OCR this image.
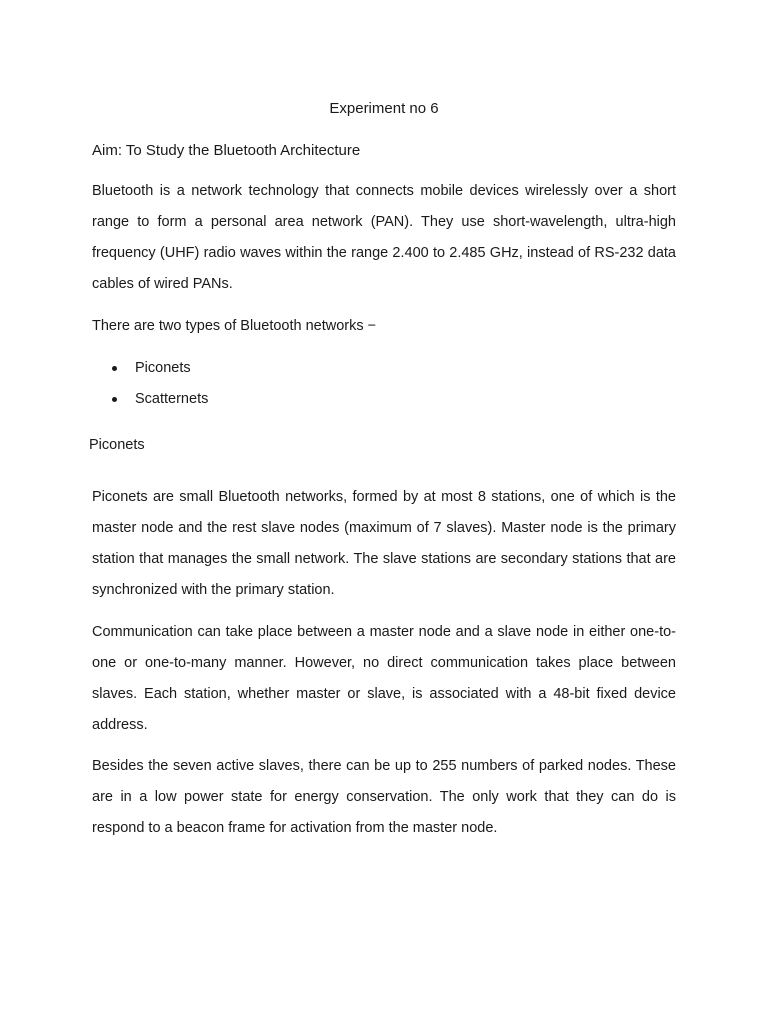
Experiment no 6
Aim: To Study the Bluetooth Architecture

Bluetooth is a network technology that connects mobile devices wirelessly over a short range to form a personal area network (PAN). They use short-wavelength, ultra-high frequency (UHF) radio waves within the range 2.400 to 2.485 GHz, instead of RS-232 data cables of wired PANs.

There are two types of Bluetooth networks −

Piconets
Scatternets
Piconets

Piconets are small Bluetooth networks, formed by at most 8 stations, one of which is the master node and the rest slave nodes (maximum of 7 slaves). Master node is the primary station that manages the small network. The slave stations are secondary stations that are synchronized with the primary station.

Communication can take place between a master node and a slave node in either one-to-one or one-to-many manner. However, no direct communication takes place between slaves. Each station, whether master or slave, is associated with a 48-bit fixed device address.

Besides the seven active slaves, there can be up to 255 numbers of parked nodes. These are in a low power state for energy conservation. The only work that they can do is respond to a beacon frame for activation from the master node.
